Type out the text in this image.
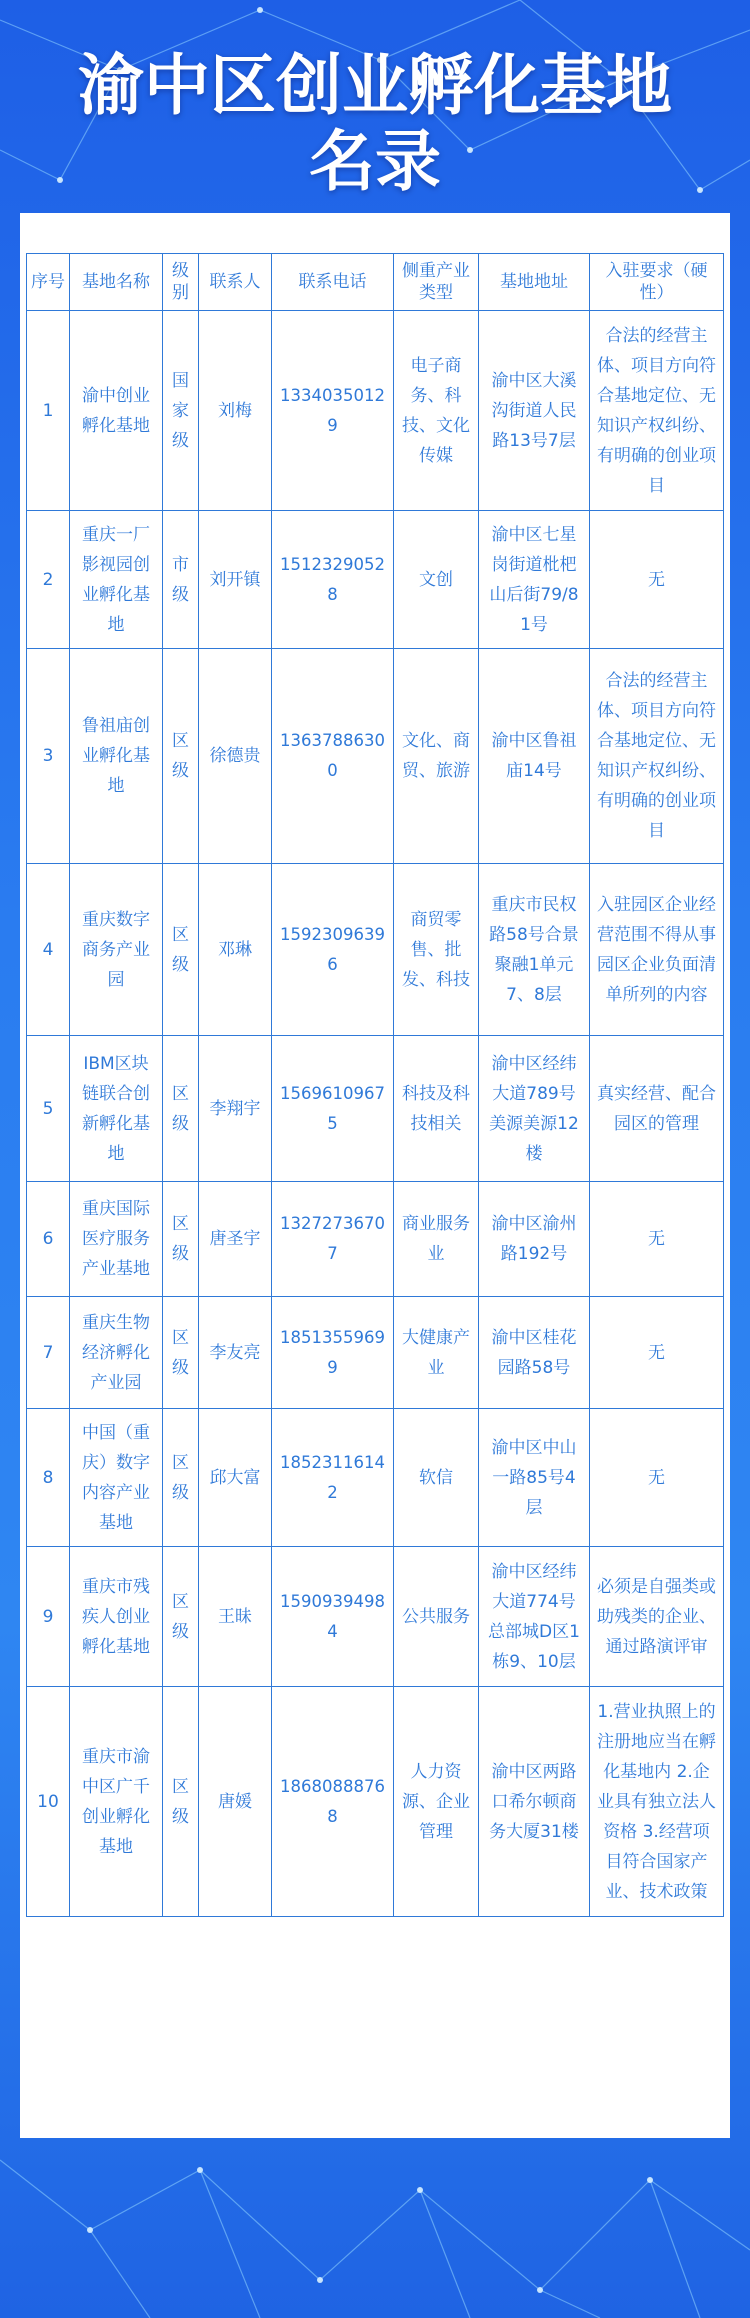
渝中区创业孵化基地
名录
序号	基地名称	级别	联系人	联系电话	侧重产业类型	基地地址	入驻要求（硬性）
1	渝中创业孵化基地	国家级	刘梅	13340350129	电子商务、科技、文化传媒	渝中区大溪沟街道人民路13号7层	合法的经营主体、项目方向符合基地定位、无知识产权纠纷、有明确的创业项目
2	重庆一厂影视园创业孵化基地	市级	刘开镇	15123290528	文创	渝中区七星岗街道枇杷山后街79/81号	无
3	鲁祖庙创业孵化基地	区级	徐德贵	13637886300	文化、商贸、旅游	渝中区鲁祖庙14号	合法的经营主体、项目方向符合基地定位、无知识产权纠纷、有明确的创业项目
4	重庆数字商务产业园	区级	邓琳	15923096396	商贸零售、批发、科技	重庆市民权路58号合景聚融1单元7、8层	入驻园区企业经营范围不得从事园区企业负面清单所列的内容
5	IBM区块链联合创新孵化基地	区级	李翔宇	15696109675	科技及科技相关	渝中区经纬大道789号美源美源12楼	真实经营、配合园区的管理
6	重庆国际医疗服务产业基地	区级	唐圣宇	13272736707	商业服务业	渝中区渝州路192号	无
7	重庆生物经济孵化产业园	区级	李友亮	18513559699	大健康产业	渝中区桂花园路58号	无
8	中国（重庆）数字内容产业基地	区级	邱大富	18523116142	软信	渝中区中山一路85号4层	无
9	重庆市残疾人创业孵化基地	区级	王昧	15909394984	公共服务	渝中区经纬大道774号总部城D区1栋9、10层	必须是自强类或助残类的企业、通过路演评审
10	重庆市渝中区广千创业孵化基地	区级	唐媛	18680888768	人力资源、企业管理	渝中区两路口希尔顿商务大厦31楼	1.营业执照上的注册地应当在孵化基地内 2.企业具有独立法人资格 3.经营项目符合国家产业、技术政策
